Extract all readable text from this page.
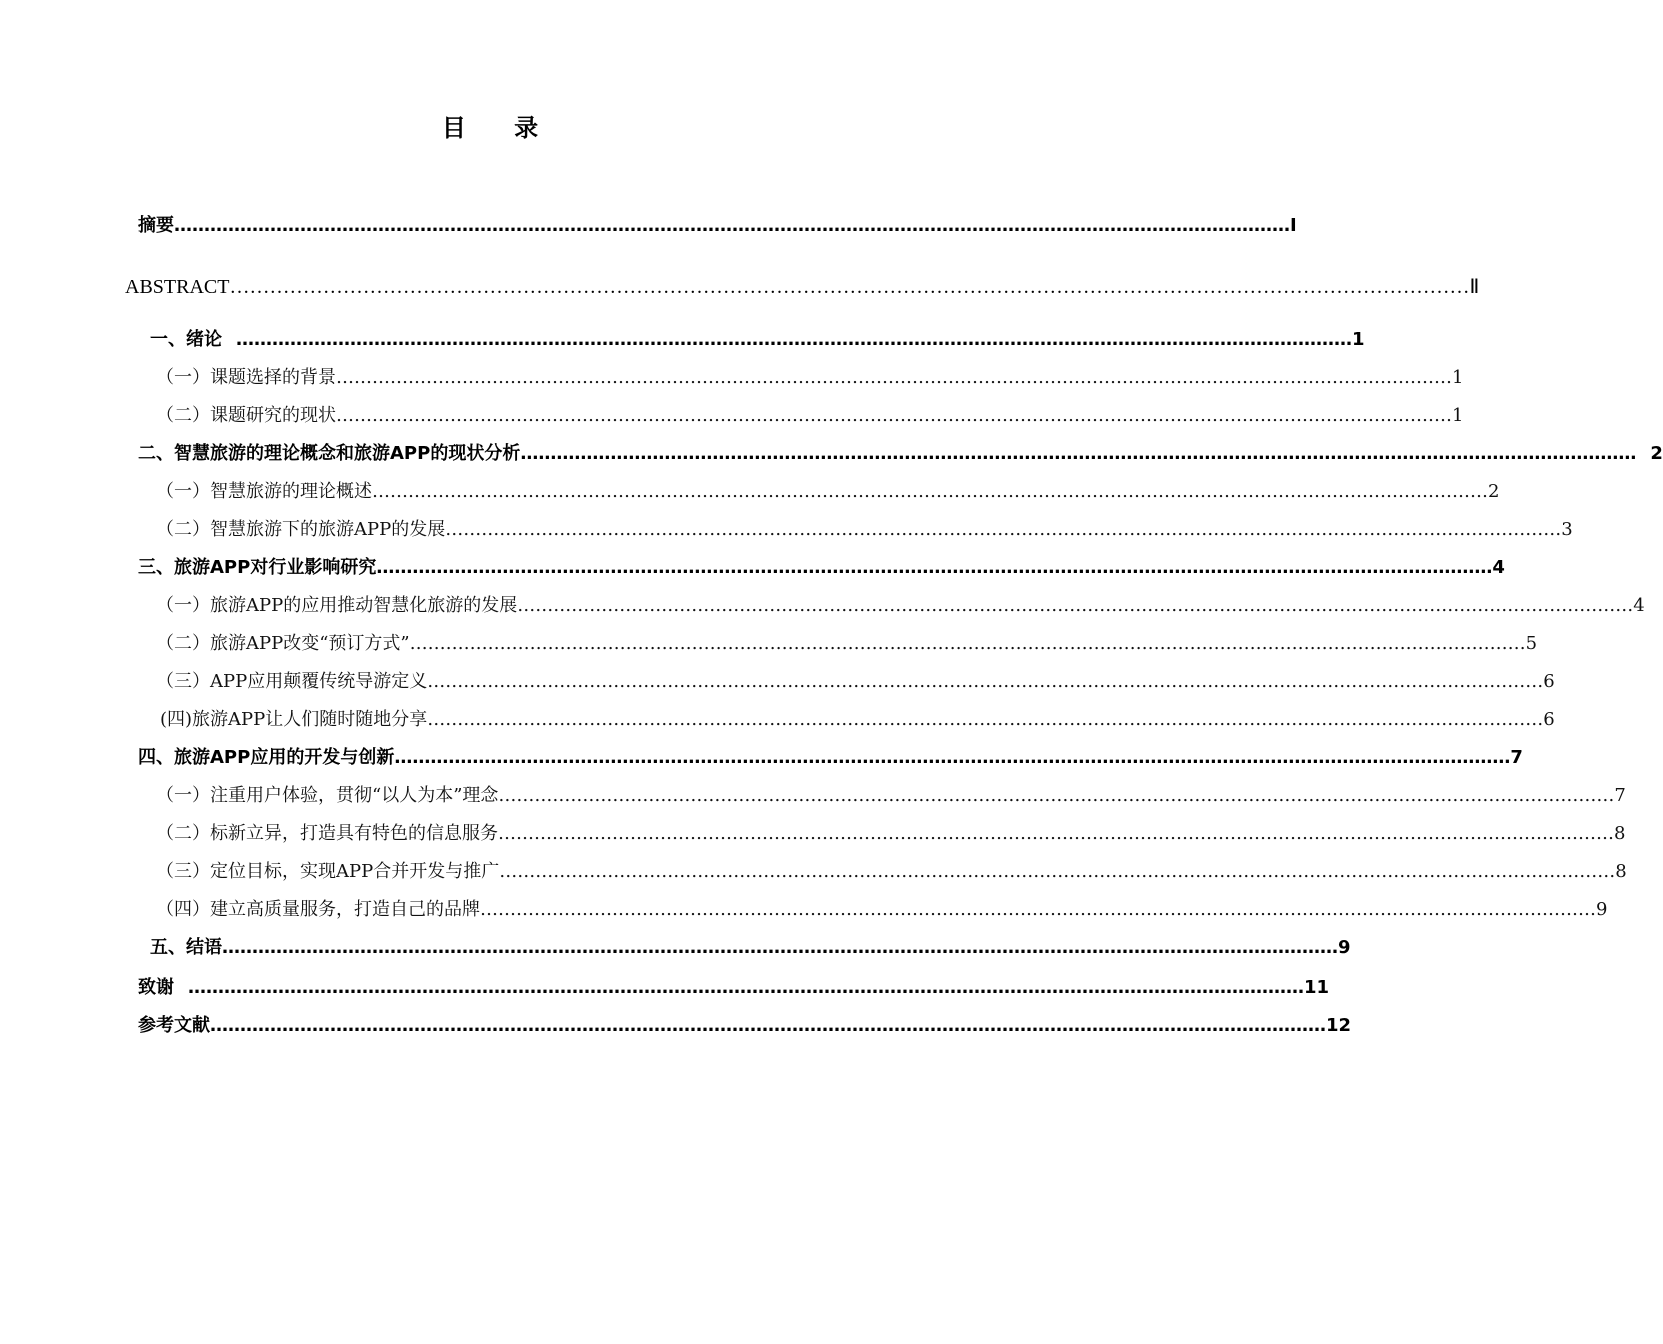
目 录
摘要 …………………………………………………………………………………………………………………………………………………………………… Ⅰ
ABSTRACT …………………………………………………………………………………………………………………………………………………………………… Ⅱ
一、绪论 …………………………………………………………………………………………………………………………………………………………………… 1
（一）课题选择的背景 …………………………………………………………………………………………………………………………………………………………………… 1
（二）课题研究的现状 …………………………………………………………………………………………………………………………………………………………………… 1
二、智慧旅游的理论概念和旅游APP的现状分析 …………………………………………………………………………………………………………………………………………………………………… 2
（一）智慧旅游的理论概述 …………………………………………………………………………………………………………………………………………………………………… 2
（二）智慧旅游下的旅游APP的发展 …………………………………………………………………………………………………………………………………………………………………… 3
三、旅游APP对行业影响研究 …………………………………………………………………………………………………………………………………………………………………… 4
（一）旅游APP的应用推动智慧化旅游的发展 …………………………………………………………………………………………………………………………………………………………………… 4
（二）旅游APP改变“预订方式” …………………………………………………………………………………………………………………………………………………………………… 5
（三）APP应用颠覆传统导游定义 …………………………………………………………………………………………………………………………………………………………………… 6
(四)旅游APP让人们随时随地分享 …………………………………………………………………………………………………………………………………………………………………… 6
四、旅游APP应用的开发与创新 …………………………………………………………………………………………………………………………………………………………………… 7
（一）注重用户体验，贯彻“以人为本”理念 …………………………………………………………………………………………………………………………………………………………………… 7
（二）标新立异，打造具有特色的信息服务 …………………………………………………………………………………………………………………………………………………………………… 8
（三）定位目标，实现APP合并开发与推广 …………………………………………………………………………………………………………………………………………………………………… 8
（四）建立高质量服务，打造自己的品牌 …………………………………………………………………………………………………………………………………………………………………… 9
五、结语 …………………………………………………………………………………………………………………………………………………………………… 9
致谢 …………………………………………………………………………………………………………………………………………………………………… 11
参考文献 …………………………………………………………………………………………………………………………………………………………………… 12
